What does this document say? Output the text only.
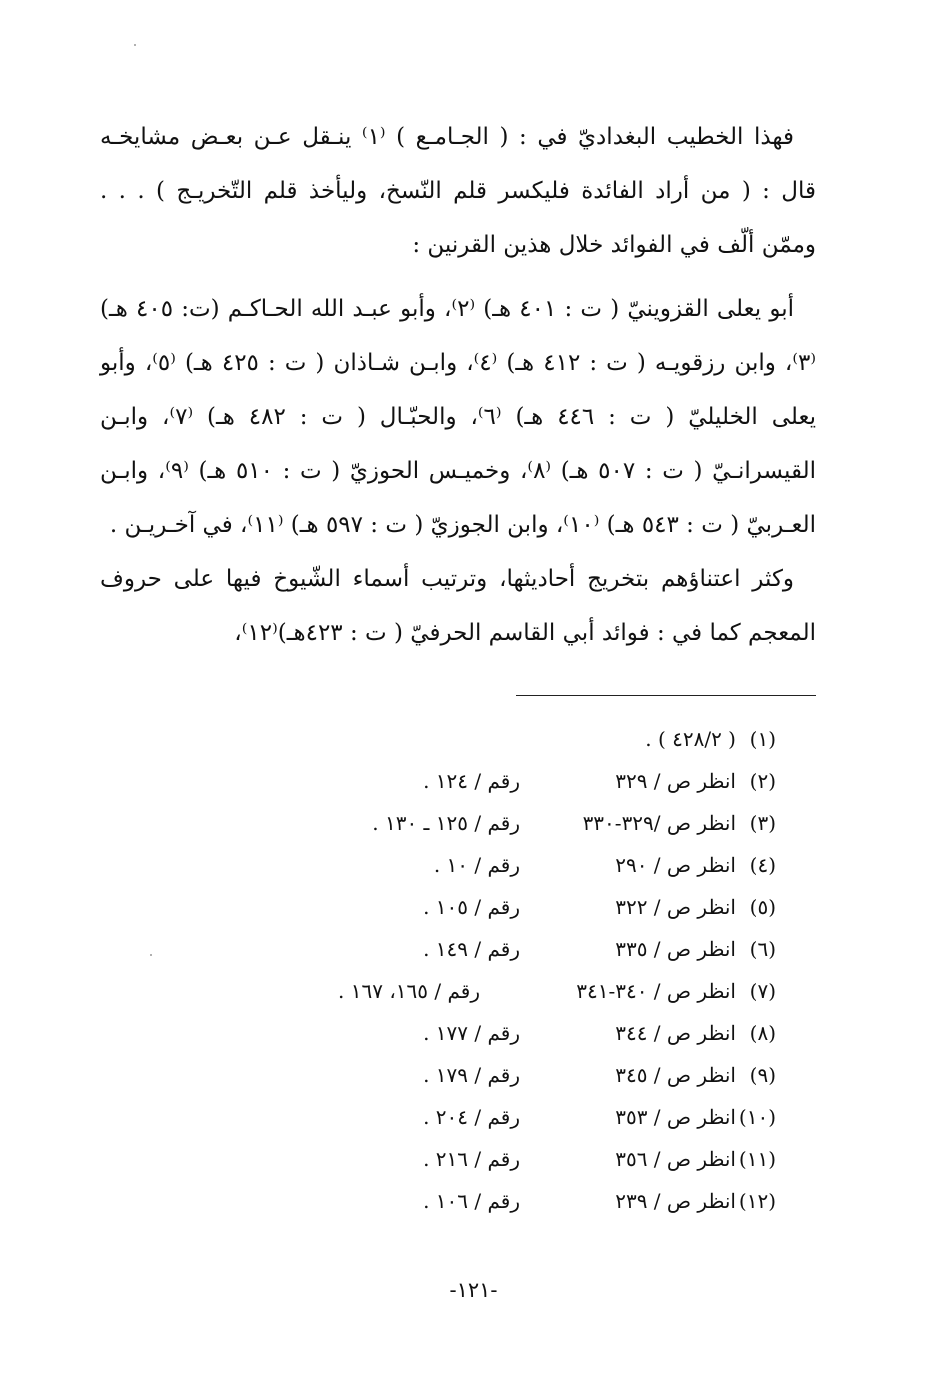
فهذا الخطيب البغداديّ في : ( الجـامـع ) ⁽١⁾ ينـقل عـن بعـض مشايخـه قال : ( من أراد الفائدة فليكسر قلم النّسخ، وليأخذ قلم التّخريـج ) . . . وممّن ألّف في الفوائد خلال هذين القرنين :

أبو يعلى القزوينيّ ( ت : ٤٠١ هـ) ⁽٢⁾، وأبو عبـد الله الحـاكـم (ت: ٤٠٥ هـ) ⁽٣⁾، وابن رزقويـه ( ت : ٤١٢ هـ) ⁽٤⁾، وابـن شـاذان ( ت : ٤٢٥ هـ) ⁽٥⁾، وأبو يعلى الخليليّ ( ت : ٤٤٦ هـ) ⁽٦⁾، والحبّـال ( ت : ٤٨٢ هـ) ⁽٧⁾، وابـن القيسرانـيّ ( ت : ٥٠٧ هـ) ⁽٨⁾، وخميـس الحوزيّ ( ت : ٥١٠ هـ) ⁽٩⁾، وابـن العـربيّ ( ت : ٥٤٣ هـ) ⁽١٠⁾، وابن الجوزيّ ( ت : ٥٩٧ هـ) ⁽١١⁾، في آخـريـن .

وكثر اعتناؤهم بتخريج أحاديثها، وترتيب أسماء الشّيوخ فيها على حروف المعجم كما في : فوائد أبي القاسم الحرفيّ ( ت : ٤٢٣هـ)⁽١٢⁾،

(١)
( ٤٢٨/٢ ) .
(٢)
انظر ص / ٣٢٩
رقم / ١٢٤ .
(٣)
انظر ص /٣٢٩-٣٣٠
رقم / ١٢٥ ـ ١٣٠ .
(٤)
انظر ص / ٢٩٠
رقم / ١٠ .
(٥)
انظر ص / ٣٢٢
رقم / ١٠٥ .
(٦)
انظر ص / ٣٣٥
رقم / ١٤٩ .
(٧)
انظر ص / ٣٤٠-٣٤١
رقم / ١٦٥، ١٦٧ .
(٨)
انظر ص / ٣٤٤
رقم / ١٧٧ .
(٩)
انظر ص / ٣٤٥
رقم / ١٧٩ .
(١٠)
انظر ص / ٣٥٣
رقم / ٢٠٤ .
(١١)
انظر ص / ٣٥٦
رقم / ٢١٦ .
(١٢)
انظر ص / ٢٣٩
رقم / ١٠٦ .
-١٢١-
